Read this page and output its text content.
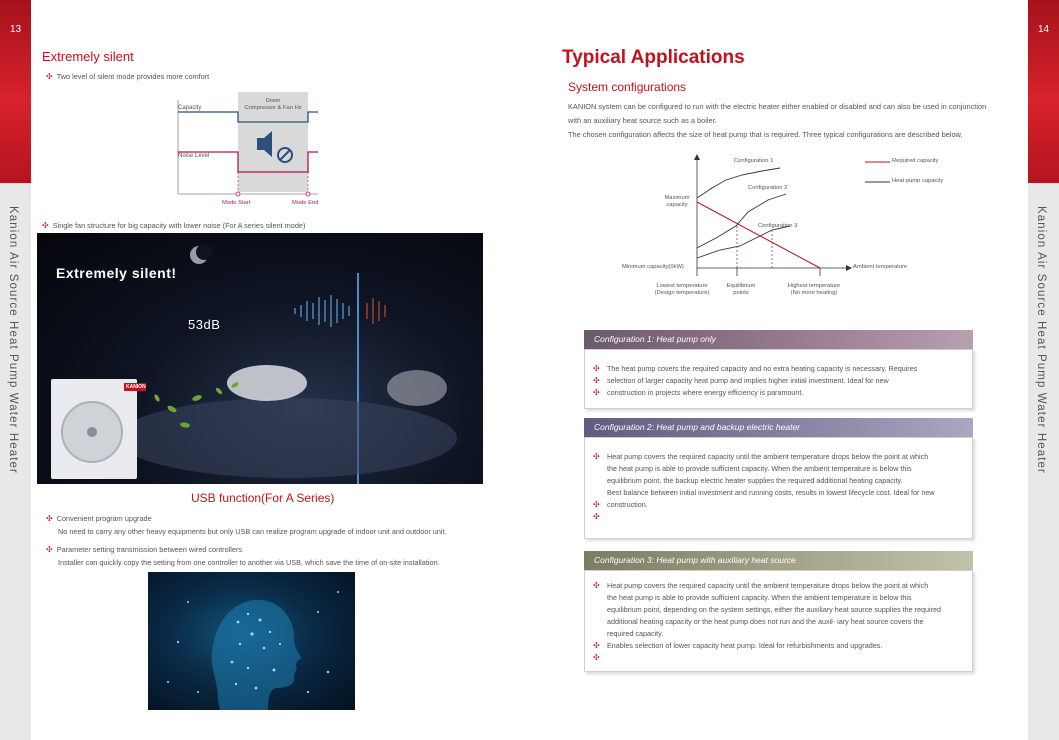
13
Kanion Air Source Heat Pump Water Heater
14
Kanion Air Source Heat Pump Water Heater
Extremely silent
✣ Two level of silent mode provides more comfort
Capacity
Noise Level
Down
Compressor & Fan Hz
Mode Start	Mode End
✣ Single fan structure for big capacity with lower noise (For A series silent mode)
Extremely silent!
53dB
KANION
USB function(For A Series)
✣ Convenient program upgrade
No need to carry any other heavy equipments but only USB can realize program upgrade of indoor unit and outdoor unit.
✣ Parameter setting transmission between wired controllers
Installer can quickly copy the setting from one controller to another via USB, which save the time of on-site installation.
Typical Applications
System configurations
KANION system can be configured to run with the electric heater either enabled or disabled and can also be used in conjunction
with an auxiliary heat source such as a boiler.
The chosen configuration affects the size of heat pump that is required. Three typical configurations are described below.
Required capacity
Heat pump capacity
Configuration 1
Configuration 2
Configuration 3
Maximum
capacity
Minimum capacity(0kW)	Ambient temperature
Lowest temperature
(Design temperature)
Equilibrium
points
Highest temperature
(No more heating)
Configuration 1: Heat pump only
✣ The heat pump covers the required capacity and no extra heating capacity is necessary. Requires
✣ selection of larger capacity heat pump and implies higher initial investment. Ideal for new
✣ construction in projects where energy efficiency is paramount.
Configuration 2: Heat pump and backup electric heater
✣ Heat pump covers the required capacity until the ambient temperature drops below the point at which
the heat pump is able to provide sufficient capacity. When the ambient temperature is below this
equilibrium point, the backup electric heater supplies the required additional heating capacity.
Best balance between initial investment and running costs, results in lowest lifecycle cost. Ideal for new
✣ construction.
✣
Configuration 3: Heat pump with auxiliary heat source
✣ Heat pump covers the required capacity until the ambient temperature drops below the point at which
the heat pump is able to provide sufficient capacity. When the ambient temperature is below this
equilibrium point, depending on the system settings, either the auxiliary heat source supplies the required
additional heating capacity or the heat pump does not run and the auxil- iary heat source covers the
required capacity.
✣ Enables selection of lower capacity heat pump. Ideal for refurbishments and upgrades.
✣
